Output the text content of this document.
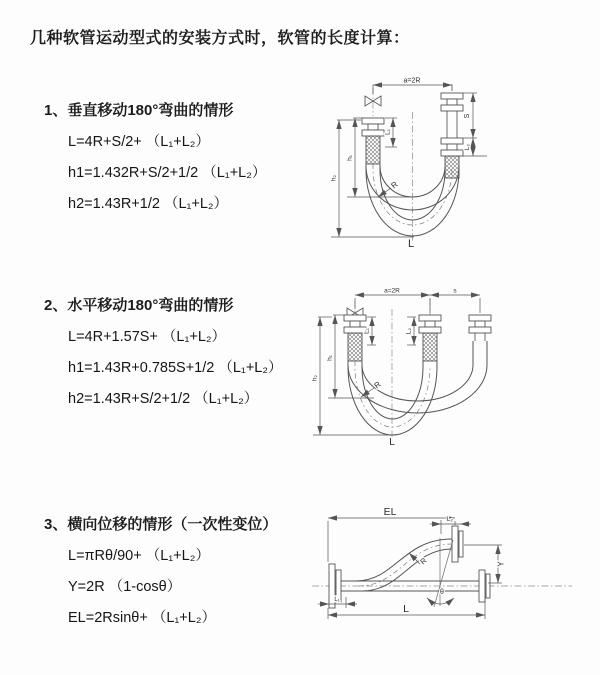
几种软管运动型式的安装方式时，软管的长度计算：
1、垂直移动180°弯曲的情形
L=4R+S/2+ （L₁+L₂）
h1=1.432R+S/2+1/2 （L₁+L₂）
h2=1.43R+1/2 （L₁+L₂）
2、水平移动180°弯曲的情形
L=4R+1.57S+ （L₁+L₂）
h1=1.43R+0.785S+1/2 （L₁+L₂）
h2=1.43R+S/2+1/2 （L₁+L₂）
3、横向位移的情形（一次性变位）
L=πRθ/90+ （L₁+L₂）
Y=2R （1-cosθ）
EL=2Rsinθ+ （L₁+L₂）
a=2R
L₁
S
L₂
h₁
h₂
R
L
a=2R	s
L₁	L₂
h₁
h₂
R
L
EL
L₂
Y
R
θ
L₁
L
